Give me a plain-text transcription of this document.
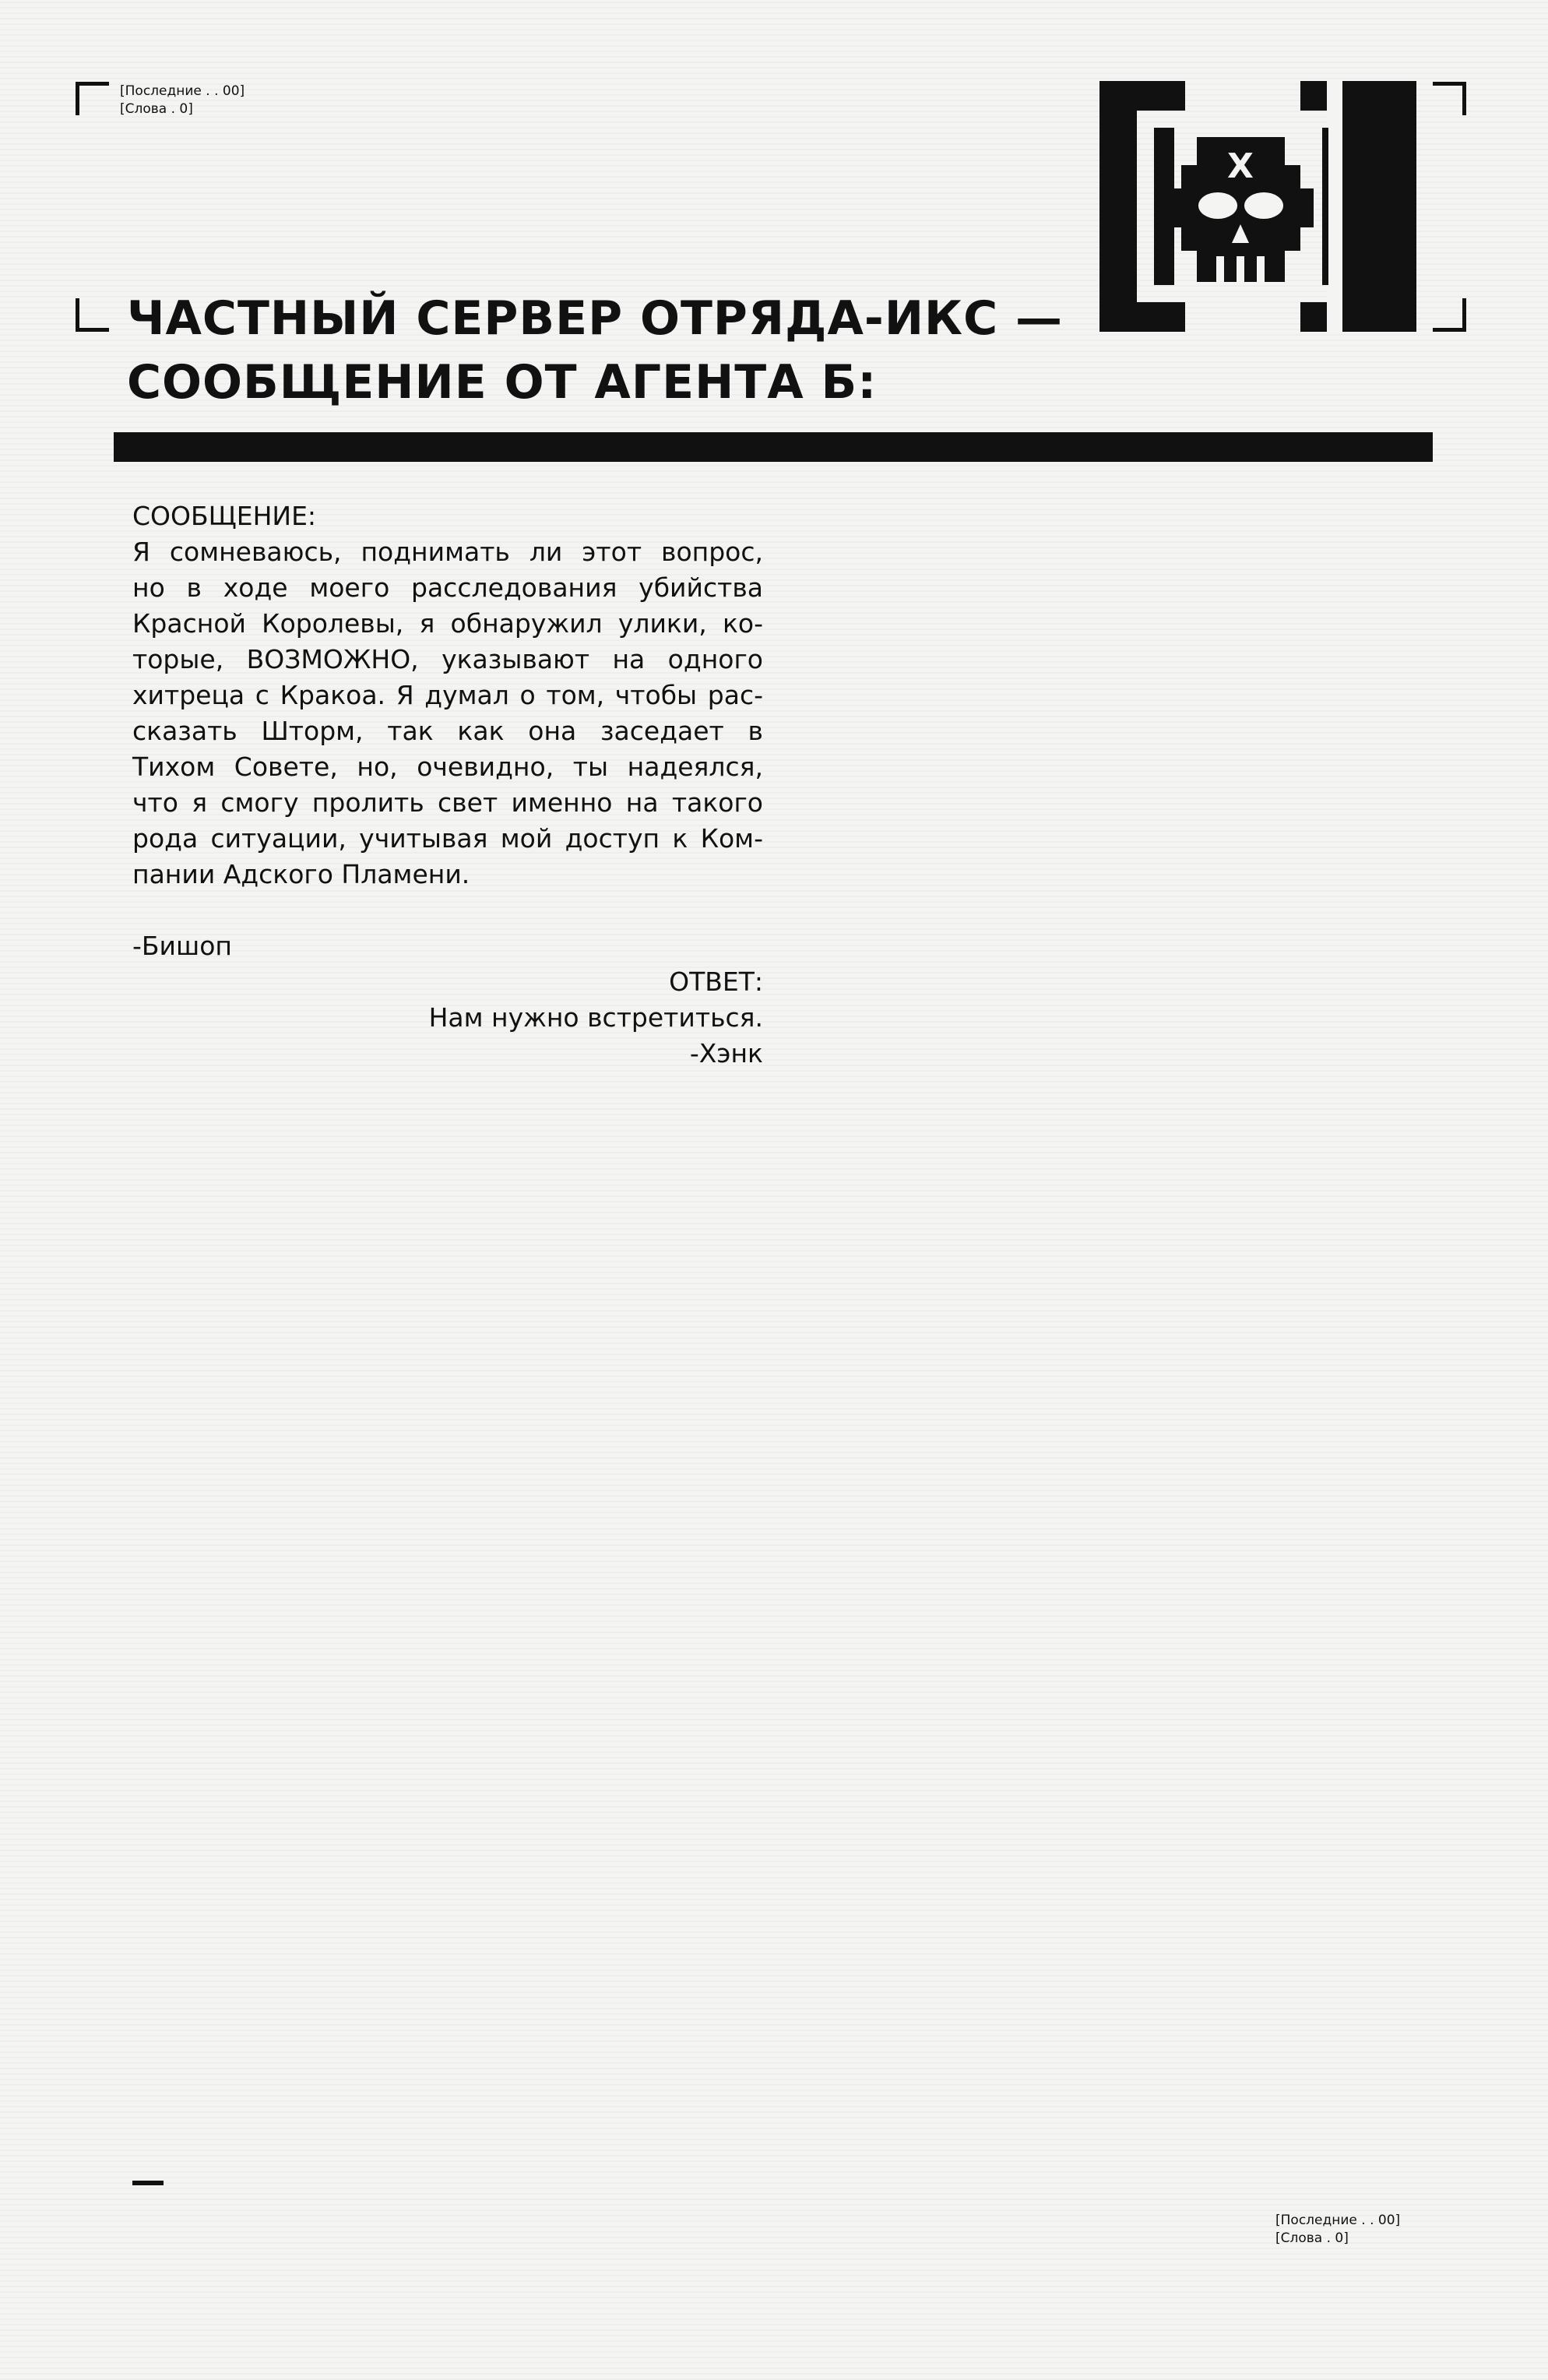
[Последние . . 00]
[Слова . 0]
X
ЧАСТНЫЙ СЕРВЕР ОТРЯДА-ИКС —
СООБЩЕНИЕ ОТ АГЕНТА Б:
СООБЩЕНИЕ:
Я сомневаюсь, поднимать ли этот вопрос,
но в ходе моего расследования убийства
Красной Королевы, я обнаружил улики, ко-
торые, ВОЗМОЖНО, указывают на одного
хитреца с Кракоа. Я думал о том, чтобы рас-
сказать Шторм, так как она заседает в
Тихом Совете, но, очевидно, ты надеялся,
что я смогу пролить свет именно на такого
рода ситуации, учитывая мой доступ к Ком-
пании Адского Пламени.
-Бишоп
ОТВЕТ:
Нам нужно встретиться.
-Хэнк
[Последние . . 00]
[Слова . 0]
